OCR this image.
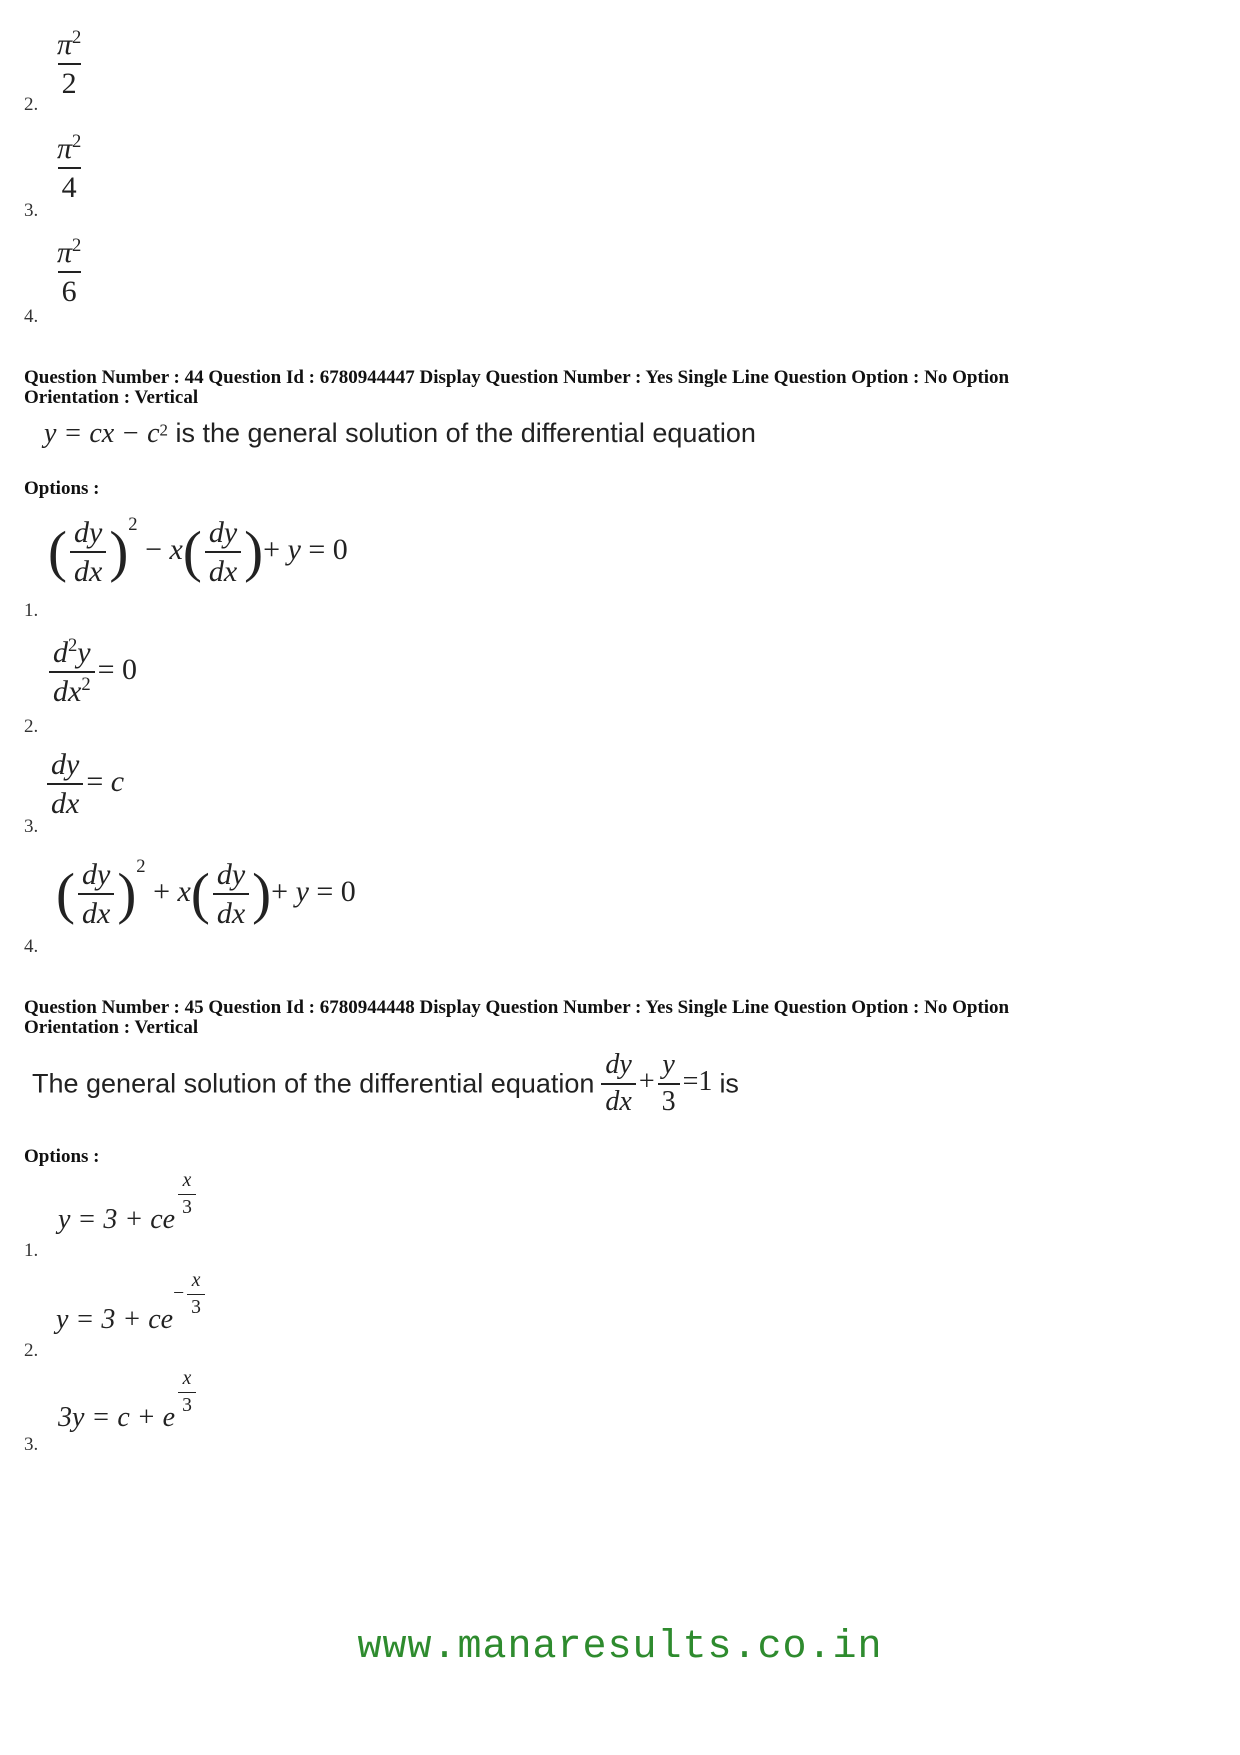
$\frac{\pi^2}{2}$
2.
$\frac{\pi^2}{4}$
3.
$\frac{\pi^2}{6}$
4.
Question Number : 44 Question Id : 6780944447 Display Question Number : Yes Single Line Question Option : No Option
Orientation : Vertical
y = cx − c2 is the general solution of the differential equation
Options :
( $\frac{dy}{dx} )^2 - x( \frac{dy}{dx}$ )+ y = 0
1.
$\frac{d^2y}{dx^2} = 0$
2.
$\frac{dy}{dx} = c$
3.
( $\frac{dy}{dx} )^2 + x( \frac{dy}{dx}$ )+ y = 0
4.
Question Number : 45 Question Id : 6780944448 Display Question Number : Yes Single Line Question Option : No Option
Orientation : Vertical
The general solution of the differential equation $\frac{dy}{dx} + \frac{y}{3} =1$ is
Options :
y = 3 + ce
$\frac{x}{3}$
1.
$y = 3 + ce- \frac{x}{3}$
2.
3y = c + e
$\frac{x}{3}$
3.
www.manaresults.co.in
